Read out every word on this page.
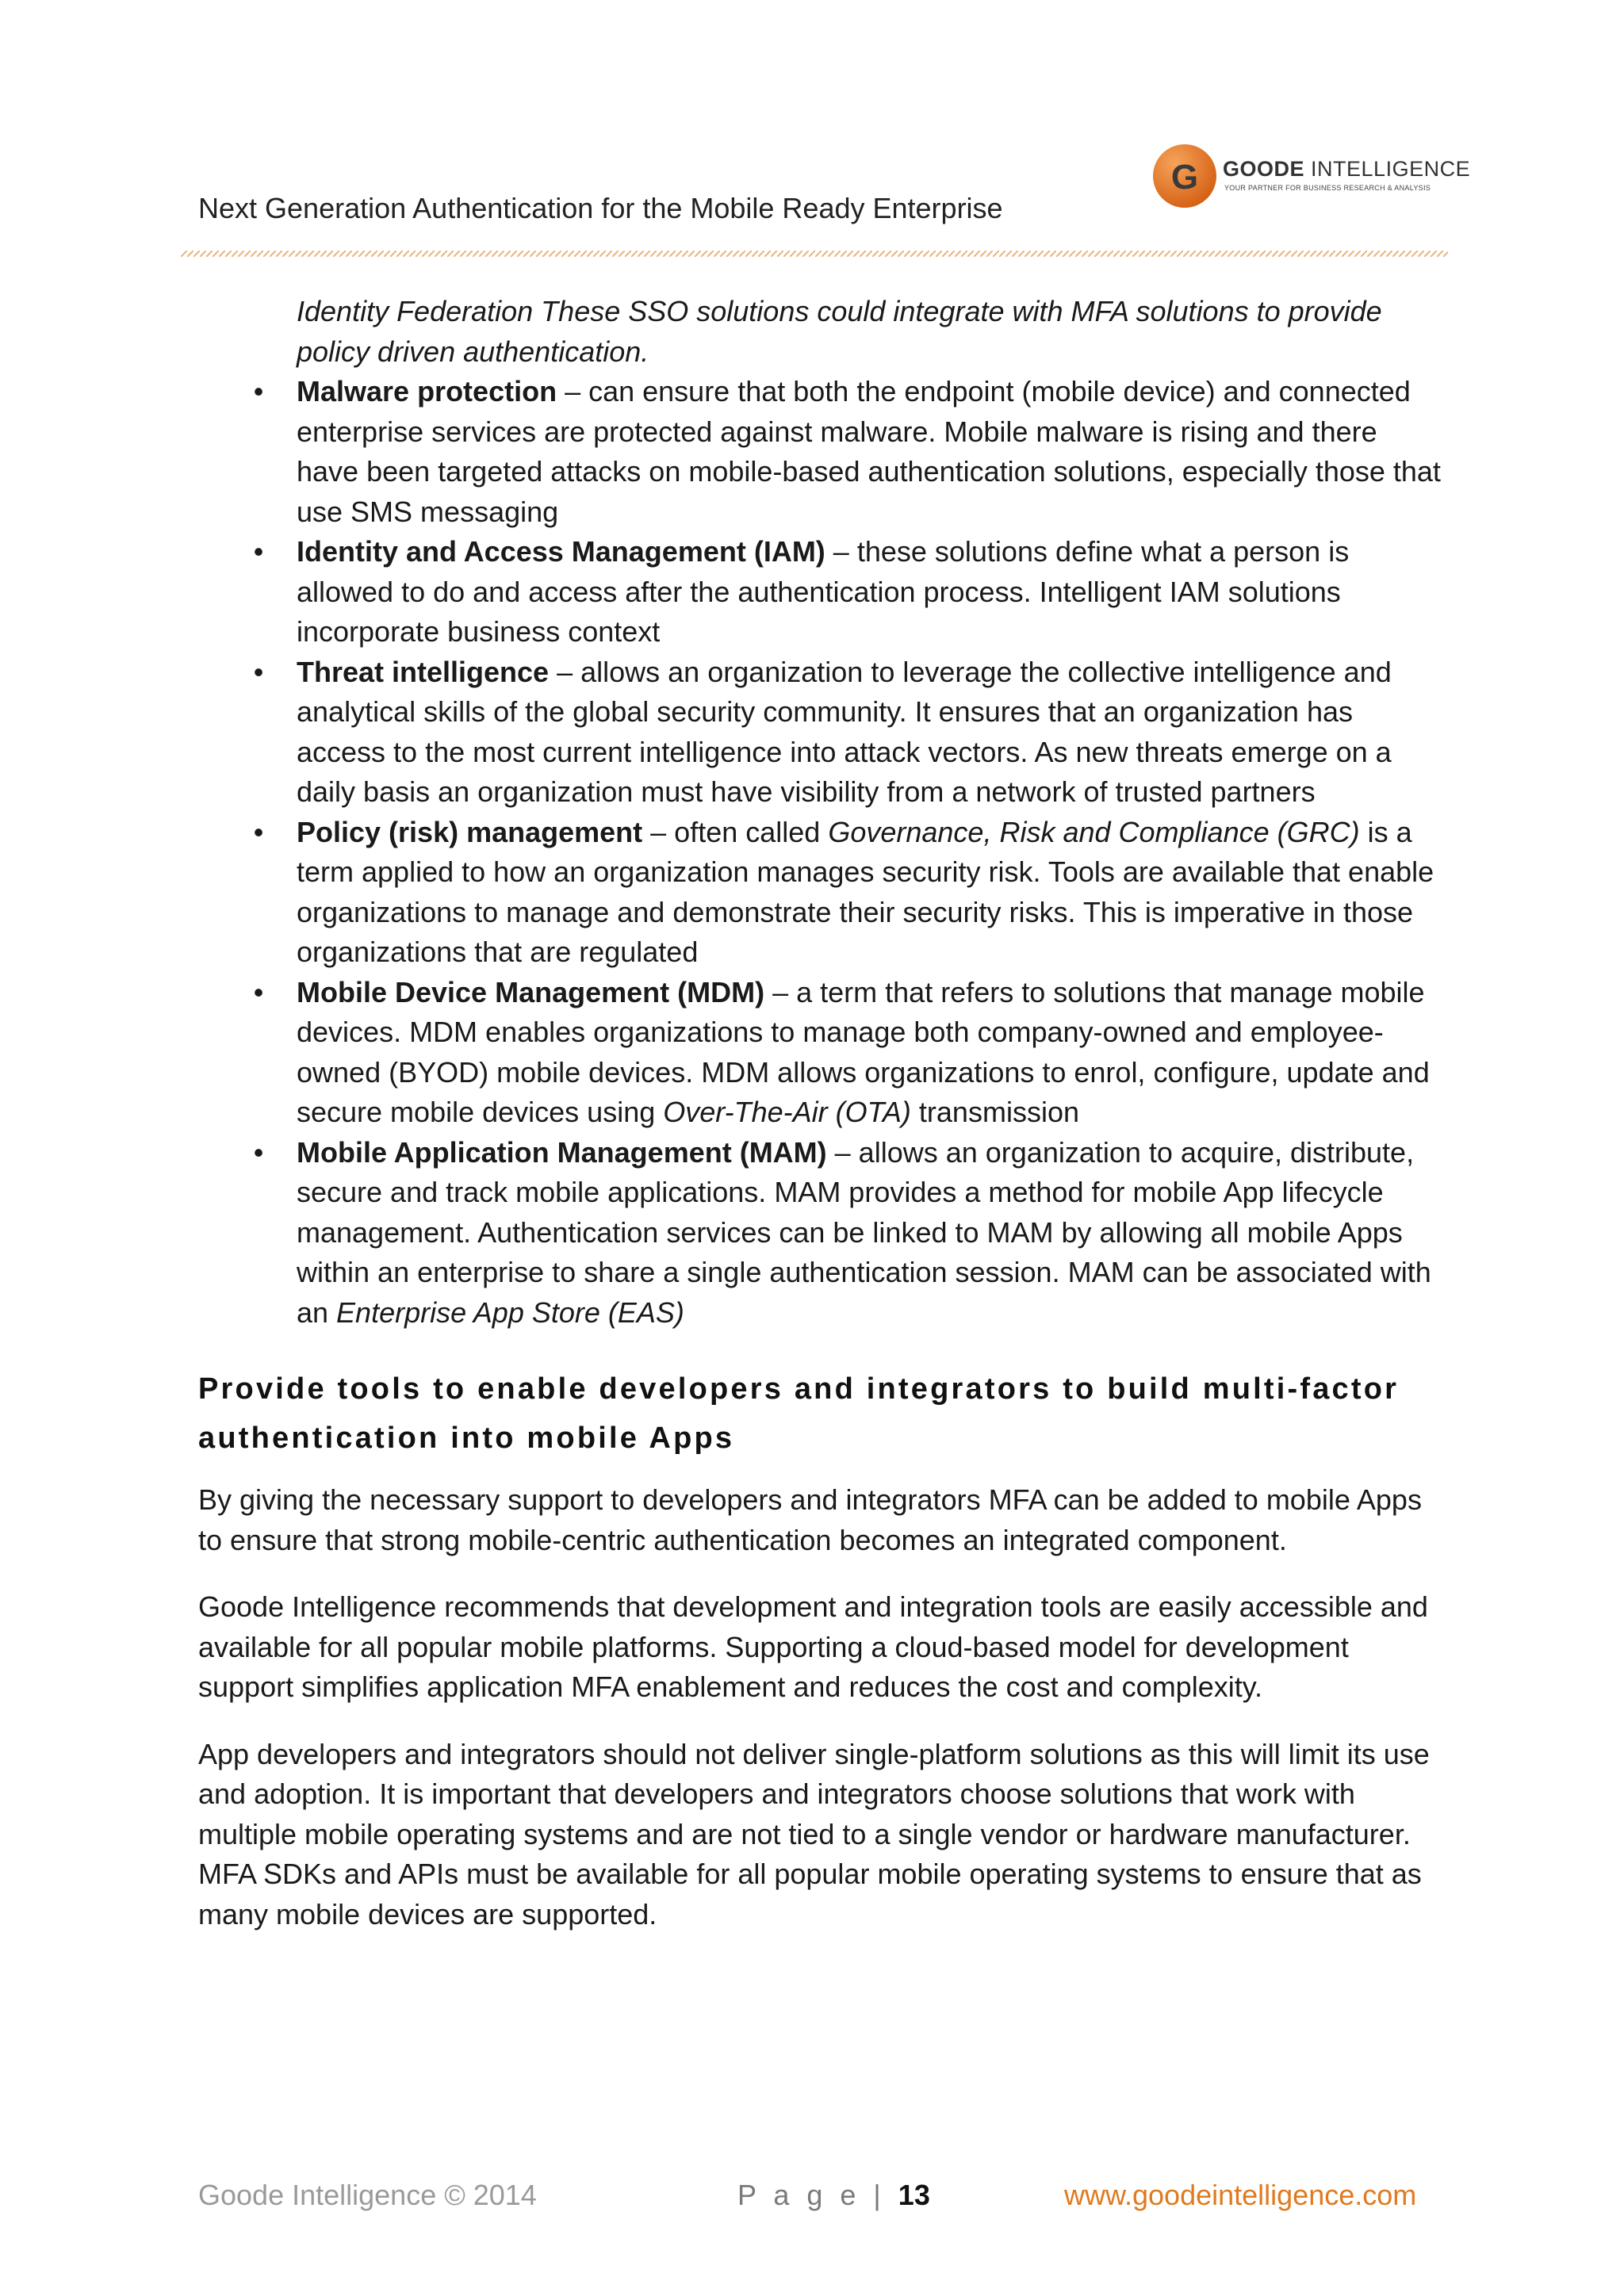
Next Generation Authentication for the Mobile Ready Enterprise
G GOODE INTELLIGENCE
YOUR PARTNER FOR BUSINESS RESEARCH & ANALYSIS

Identity Federation These SSO solutions could integrate with MFA solutions to provide policy driven authentication.

• Malware protection – can ensure that both the endpoint (mobile device) and connected enterprise services are protected against malware. Mobile malware is rising and there have been targeted attacks on mobile-based authentication solutions, especially those that use SMS messaging
• Identity and Access Management (IAM) – these solutions define what a person is allowed to do and access after the authentication process. Intelligent IAM solutions incorporate business context
• Threat intelligence – allows an organization to leverage the collective intelligence and analytical skills of the global security community. It ensures that an organization has access to the most current intelligence into attack vectors. As new threats emerge on a daily basis an organization must have visibility from a network of trusted partners
• Policy (risk) management – often called Governance, Risk and Compliance (GRC) is a term applied to how an organization manages security risk. Tools are available that enable organizations to manage and demonstrate their security risks. This is imperative in those organizations that are regulated
• Mobile Device Management (MDM) – a term that refers to solutions that manage mobile devices. MDM enables organizations to manage both company-owned and employee-owned (BYOD) mobile devices. MDM allows organizations to enrol, configure, update and secure mobile devices using Over-The-Air (OTA) transmission
• Mobile Application Management (MAM) – allows an organization to acquire, distribute, secure and track mobile applications. MAM provides a method for mobile App lifecycle management. Authentication services can be linked to MAM by allowing all mobile Apps within an enterprise to share a single authentication session. MAM can be associated with an Enterprise App Store (EAS)
Provide tools to enable developers and integrators to build multi-factor authentication into mobile Apps

By giving the necessary support to developers and integrators MFA can be added to mobile Apps to ensure that strong mobile-centric authentication becomes an integrated component.

Goode Intelligence recommends that development and integration tools are easily accessible and available for all popular mobile platforms. Supporting a cloud-based model for development support simplifies application MFA enablement and reduces the cost and complexity.

App developers and integrators should not deliver single-platform solutions as this will limit its use and adoption. It is important that developers and integrators choose solutions that work with multiple mobile operating systems and are not tied to a single vendor or hardware manufacturer. MFA SDKs and APIs must be available for all popular mobile operating systems to ensure that as many mobile devices are supported.

Goode Intelligence © 2014	P a g e | 13	www.goodeintelligence.com
